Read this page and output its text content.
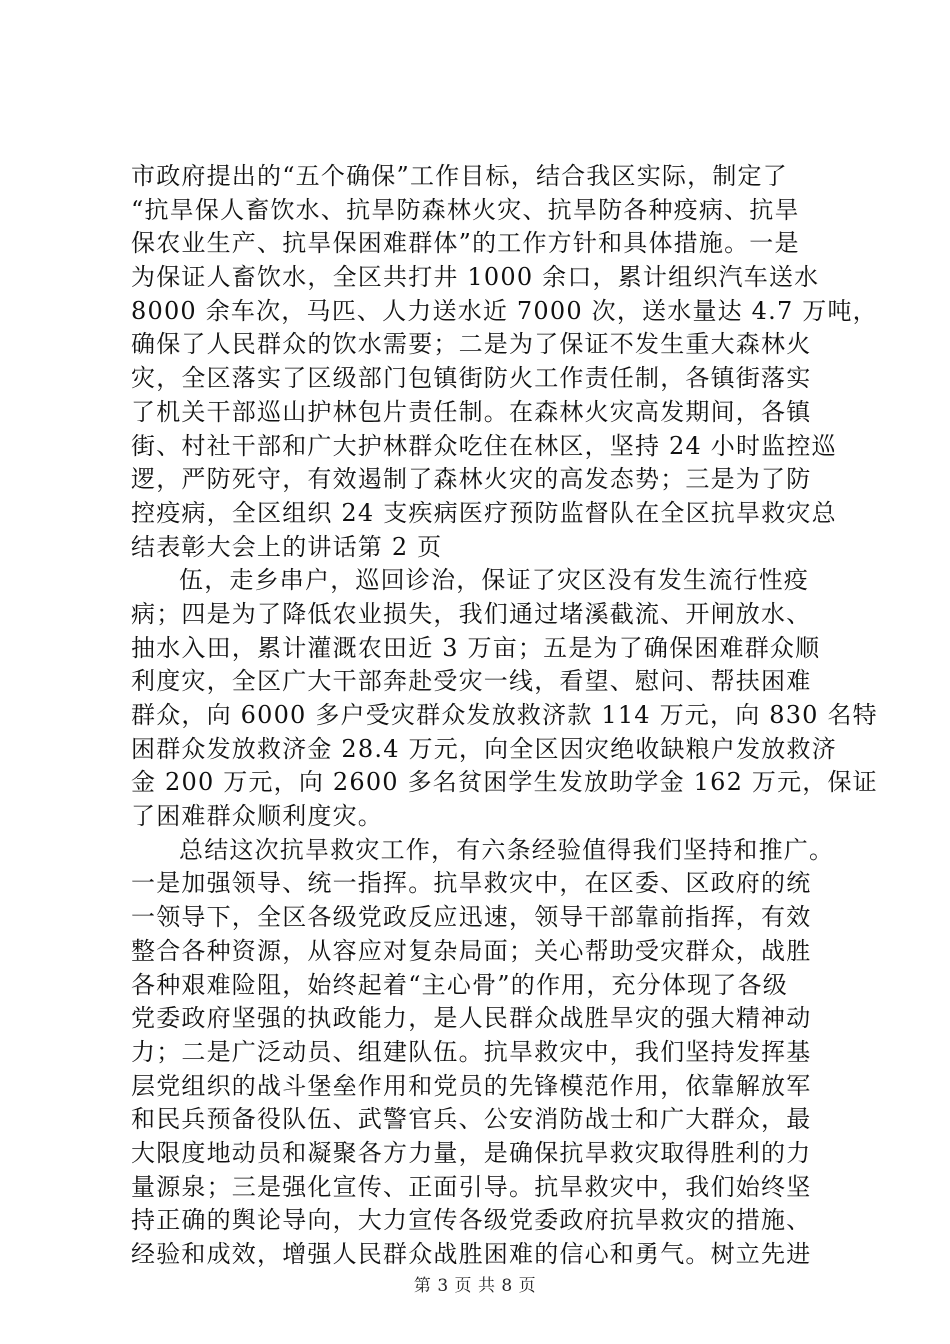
市政府提出的“五个确保”工作目标，结合我区实际，制定了
“抗旱保人畜饮水、抗旱防森林火灾、抗旱防各种疫病、抗旱
保农业生产、抗旱保困难群体”的工作方针和具体措施。一是
为保证人畜饮水，全区共打井 1000 余口，累计组织汽车送水
8000 余车次，马匹、人力送水近 7000 次，送水量达 4.7 万吨，
确保了人民群众的饮水需要；二是为了保证不发生重大森林火
灾，全区落实了区级部门包镇街防火工作责任制，各镇街落实
了机关干部巡山护林包片责任制。在森林火灾高发期间，各镇
街、村社干部和广大护林群众吃住在林区，坚持 24 小时监控巡
逻，严防死守，有效遏制了森林火灾的高发态势；三是为了防
控疫病，全区组织 24 支疾病医疗预防监督队在全区抗旱救灾总
结表彰大会上的讲话第 2 页
伍，走乡串户，巡回诊治，保证了灾区没有发生流行性疫
病；四是为了降低农业损失，我们通过堵溪截流、开闸放水、
抽水入田，累计灌溉农田近 3 万亩；五是为了确保困难群众顺
利度灾，全区广大干部奔赴受灾一线，看望、慰问、帮扶困难
群众，向 6000 多户受灾群众发放救济款 114 万元，向 830 名特
困群众发放救济金 28.4 万元，向全区因灾绝收缺粮户发放救济
金 200 万元，向 2600 多名贫困学生发放助学金 162 万元，保证
了困难群众顺利度灾。
总结这次抗旱救灾工作，有六条经验值得我们坚持和推广。
一是加强领导、统一指挥。抗旱救灾中，在区委、区政府的统
一领导下，全区各级党政反应迅速，领导干部靠前指挥，有效
整合各种资源，从容应对复杂局面；关心帮助受灾群众，战胜
各种艰难险阻，始终起着“主心骨”的作用，充分体现了各级
党委政府坚强的执政能力，是人民群众战胜旱灾的强大精神动
力；二是广泛动员、组建队伍。抗旱救灾中，我们坚持发挥基
层党组织的战斗堡垒作用和党员的先锋模范作用，依靠解放军
和民兵预备役队伍、武警官兵、公安消防战士和广大群众，最
大限度地动员和凝聚各方力量，是确保抗旱救灾取得胜利的力
量源泉；三是强化宣传、正面引导。抗旱救灾中，我们始终坚
持正确的舆论导向，大力宣传各级党委政府抗旱救灾的措施、
经验和成效，增强人民群众战胜困难的信心和勇气。树立先进
第 3 页 共 8 页
